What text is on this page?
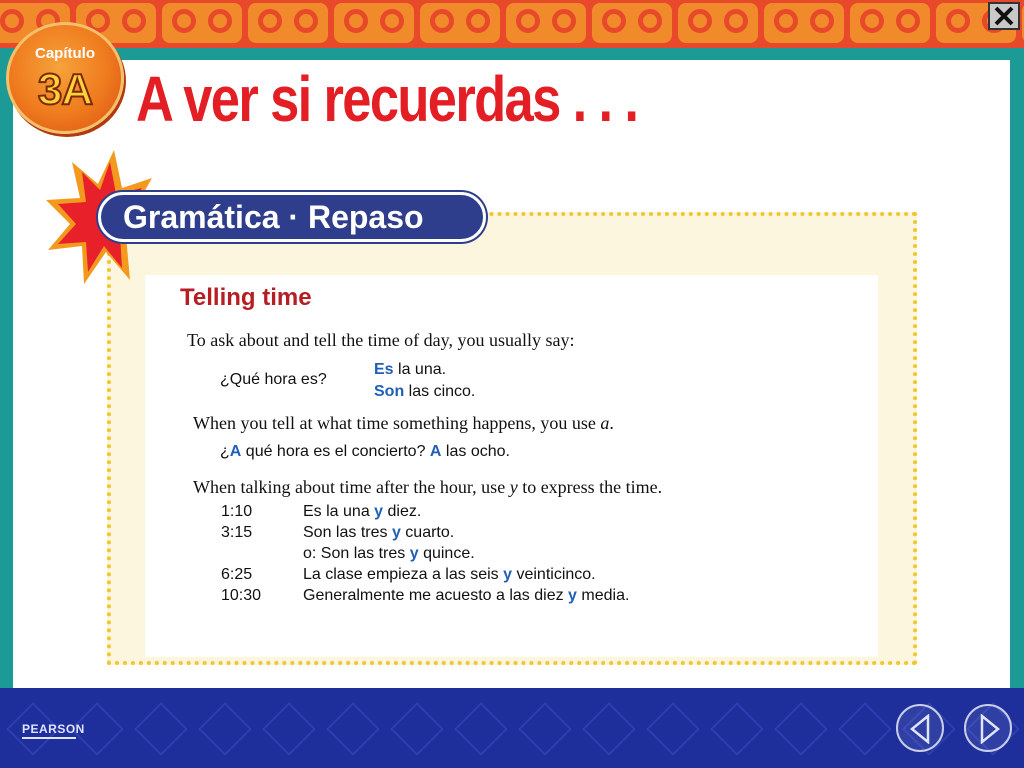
Capítulo
3A A ver si recuerdas . . .
Gramática · Repaso
Telling time
To ask about and tell the time of day, you usually say:
¿Qué hora es?
Es la una.
Son las cinco.
When you tell at what time something happens, you use a.
¿A qué hora es el concierto? A las ocho.
When talking about time after the hour, use y to express the time.
1:10	Es la una y diez.
3:15	Son las tres y cuarto.
o: Son las tres y quince.
6:25	La clase empieza a las seis y veinticinco.
10:30	Generalmente me acuesto a las diez y media.
PEARSON
